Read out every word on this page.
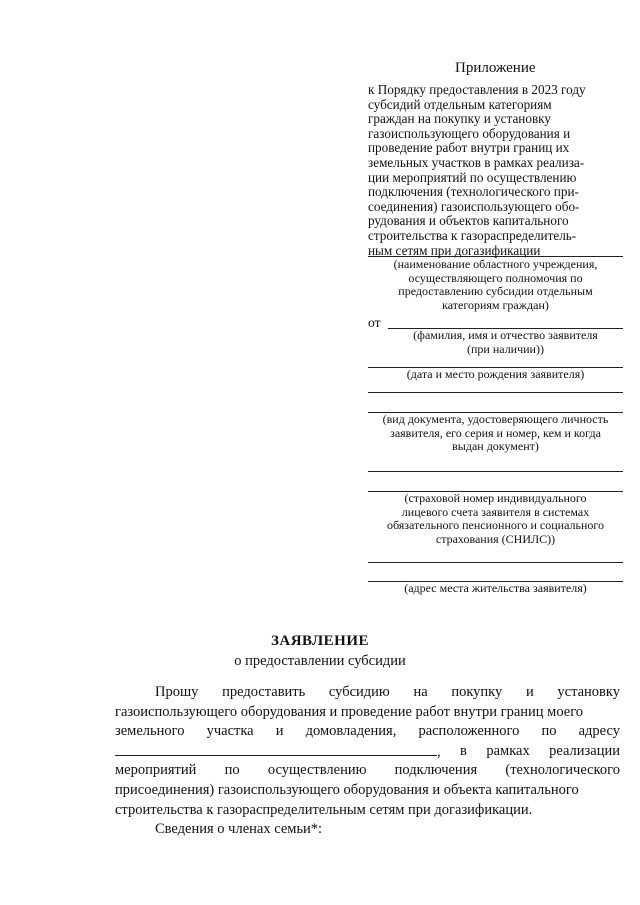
Приложение
к Порядку предоставления в 2023 году
субсидий отдельным категориям
граждан на покупку и установку
газоиспользующего оборудования и
проведение работ внутри границ их
земельных участков в рамках реализа-
ции мероприятий по осуществлению
подключения (технологического при-
соединения) газоиспользующего обо-
рудования и объектов капитального
строительства к газораспределитель-
ным сетям при догазификации
(наименование областного учреждения,
осуществляющего полномочия по
предоставлению субсидии отдельным
категориям граждан)
от
(фамилия, имя и отчество заявителя
(при наличии))
(дата и место рождения заявителя)
(вид документа, удостоверяющего личность
заявителя, его серия и номер, кем и когда
выдан документ)
(страховой номер индивидуального
лицевого счета заявителя в системах
обязательного пенсионного и социального
страхования (СНИЛС))
(адрес места жительства заявителя)
ЗАЯВЛЕНИЕ
о предоставлении субсидии
Прошу предоставить субсидию на покупку и установку
газоиспользующего оборудования и проведение работ внутри границ моего
земельного участка и домовладения, расположенного по адресу
, в рамках реализации
мероприятий по осуществлению подключения (технологического
присоединения) газоиспользующего оборудования и объекта капитального
строительства к газораспределительным сетям при догазификации.
Сведения о членах семьи*:
